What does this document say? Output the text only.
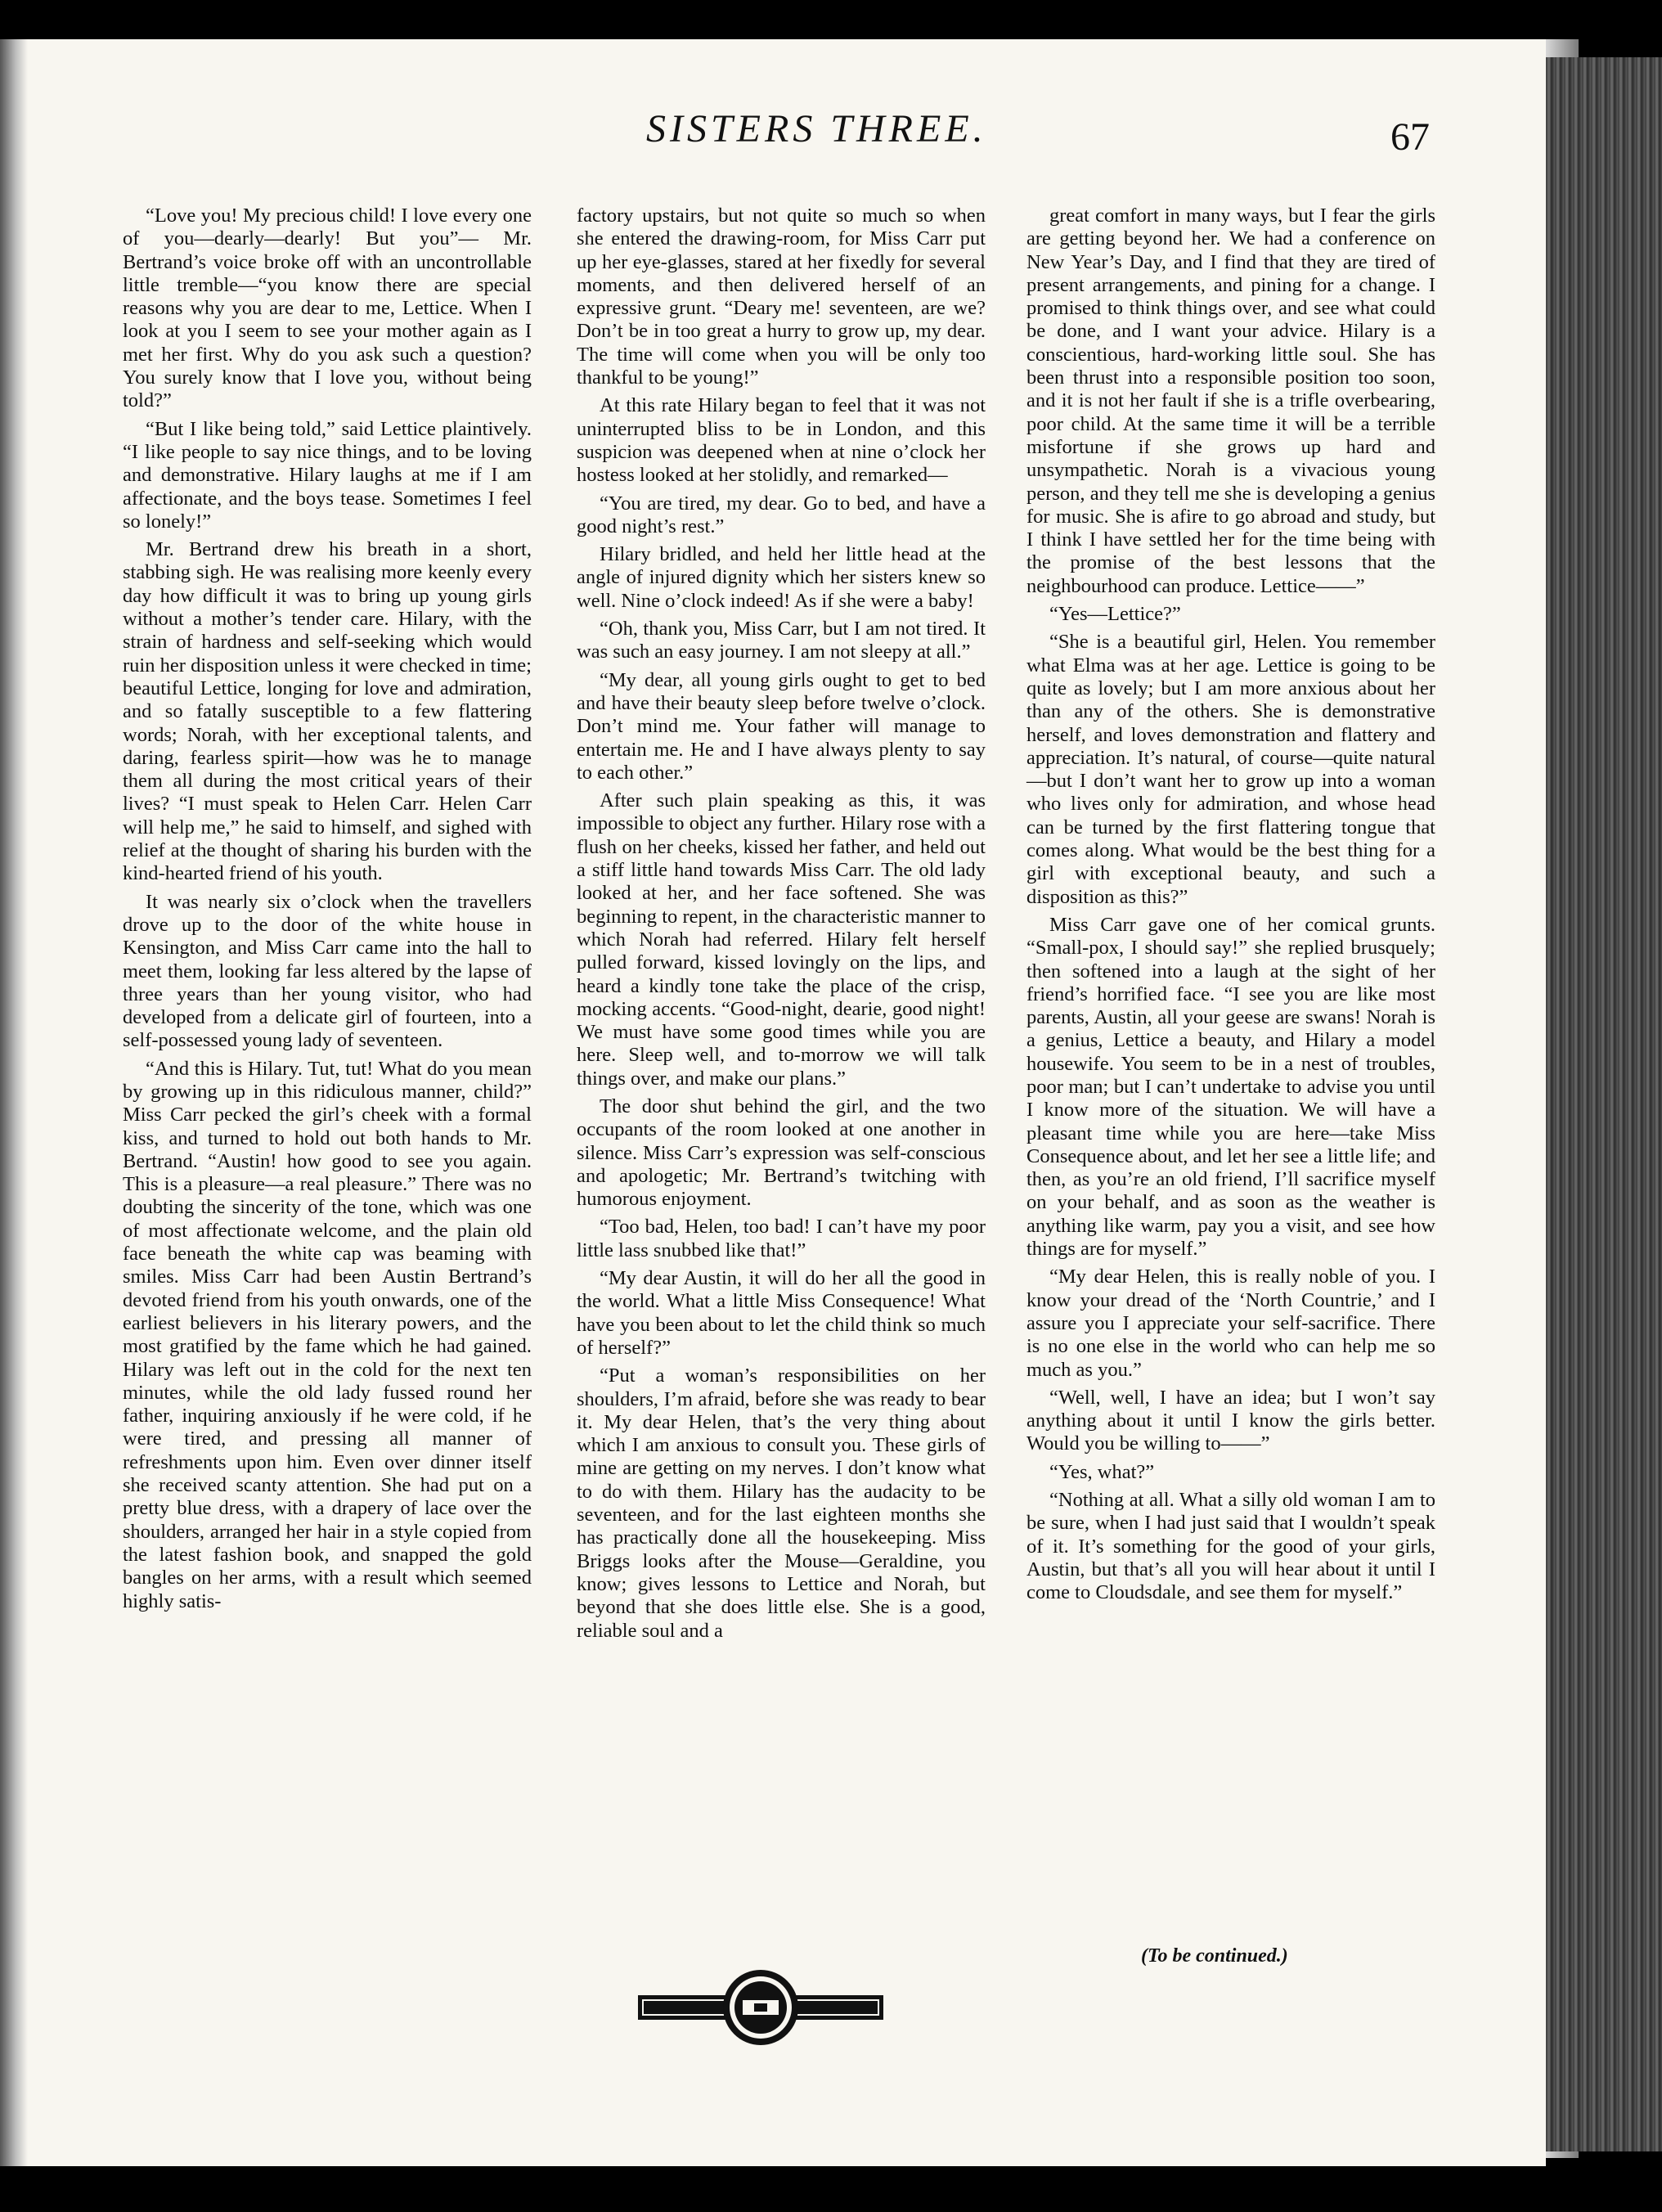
SISTERS THREE.	67

“Love you! My precious child! I love every one of you—dearly—dearly! But you”— Mr. Bertrand’s voice broke off with an uncontrollable little tremble—“you know there are special reasons why you are dear to me, Lettice. When I look at you I seem to see your mother again as I met her first. Why do you ask such a question? You surely know that I love you, without being told?”

“But I like being told,” said Lettice plaintively. “I like people to say nice things, and to be loving and demonstrative. Hilary laughs at me if I am affectionate, and the boys tease. Sometimes I feel so lonely!”

Mr. Bertrand drew his breath in a short, stabbing sigh. He was realising more keenly every day how difficult it was to bring up young girls without a mother’s tender care. Hilary, with the strain of hardness and self-seeking which would ruin her disposition unless it were checked in time; beautiful Lettice, longing for love and admiration, and so fatally susceptible to a few flattering words; Norah, with her exceptional talents, and daring, fearless spirit—how was he to manage them all during the most critical years of their lives? “I must speak to Helen Carr. Helen Carr will help me,” he said to himself, and sighed with relief at the thought of sharing his burden with the kind-hearted friend of his youth.

It was nearly six o’clock when the travellers drove up to the door of the white house in Kensington, and Miss Carr came into the hall to meet them, looking far less altered by the lapse of three years than her young visitor, who had developed from a delicate girl of fourteen, into a self-possessed young lady of seventeen.

“And this is Hilary. Tut, tut! What do you mean by growing up in this ridiculous manner, child?” Miss Carr pecked the girl’s cheek with a formal kiss, and turned to hold out both hands to Mr. Bertrand. “Austin! how good to see you again. This is a pleasure—a real pleasure.” There was no doubting the sincerity of the tone, which was one of most affectionate welcome, and the plain old face beneath the white cap was beaming with smiles. Miss Carr had been Austin Bertrand’s devoted friend from his youth onwards, one of the earliest believers in his literary powers, and the most gratified by the fame which he had gained. Hilary was left out in the cold for the next ten minutes, while the old lady fussed round her father, inquiring anxiously if he were cold, if he were tired, and pressing all manner of refreshments upon him. Even over dinner itself she received scanty attention. She had put on a pretty blue dress, with a drapery of lace over the shoulders, arranged her hair in a style copied from the latest fashion book, and snapped the gold bangles on her arms, with a result which seemed highly satis-

factory upstairs, but not quite so much so when she entered the drawing-room, for Miss Carr put up her eye-glasses, stared at her fixedly for several moments, and then delivered herself of an expressive grunt. “Deary me! seventeen, are we? Don’t be in too great a hurry to grow up, my dear. The time will come when you will be only too thankful to be young!”

At this rate Hilary began to feel that it was not uninterrupted bliss to be in London, and this suspicion was deepened when at nine o’clock her hostess looked at her stolidly, and remarked—

“You are tired, my dear. Go to bed, and have a good night’s rest.”

Hilary bridled, and held her little head at the angle of injured dignity which her sisters knew so well. Nine o’clock indeed! As if she were a baby!

“Oh, thank you, Miss Carr, but I am not tired. It was such an easy journey. I am not sleepy at all.”

“My dear, all young girls ought to get to bed and have their beauty sleep before twelve o’clock. Don’t mind me. Your father will manage to entertain me. He and I have always plenty to say to each other.”

After such plain speaking as this, it was impossible to object any further. Hilary rose with a flush on her cheeks, kissed her father, and held out a stiff little hand towards Miss Carr. The old lady looked at her, and her face softened. She was beginning to repent, in the characteristic manner to which Norah had referred. Hilary felt herself pulled forward, kissed lovingly on the lips, and heard a kindly tone take the place of the crisp, mocking accents. “Good-night, dearie, good night! We must have some good times while you are here. Sleep well, and to-morrow we will talk things over, and make our plans.”

The door shut behind the girl, and the two occupants of the room looked at one another in silence. Miss Carr’s expression was self-conscious and apologetic; Mr. Bertrand’s twitching with humorous enjoyment.

“Too bad, Helen, too bad! I can’t have my poor little lass snubbed like that!”

“My dear Austin, it will do her all the good in the world. What a little Miss Consequence! What have you been about to let the child think so much of herself?”

“Put a woman’s responsibilities on her shoulders, I’m afraid, before she was ready to bear it. My dear Helen, that’s the very thing about which I am anxious to consult you. These girls of mine are getting on my nerves. I don’t know what to do with them. Hilary has the audacity to be seventeen, and for the last eighteen months she has practically done all the housekeeping. Miss Briggs looks after the Mouse—Geraldine, you know; gives lessons to Lettice and Norah, but beyond that she does little else. She is a good, reliable soul and a

great comfort in many ways, but I fear the girls are getting beyond her. We had a conference on New Year’s Day, and I find that they are tired of present arrangements, and pining for a change. I promised to think things over, and see what could be done, and I want your advice. Hilary is a conscientious, hard-working little soul. She has been thrust into a responsible position too soon, and it is not her fault if she is a trifle overbearing, poor child. At the same time it will be a terrible misfortune if she grows up hard and unsympathetic. Norah is a vivacious young person, and they tell me she is developing a genius for music. She is afire to go abroad and study, but I think I have settled her for the time being with the promise of the best lessons that the neighbourhood can produce. Lettice——”

“Yes—Lettice?”

“She is a beautiful girl, Helen. You remember what Elma was at her age. Lettice is going to be quite as lovely; but I am more anxious about her than any of the others. She is demonstrative herself, and loves demonstration and flattery and appreciation. It’s natural, of course—quite natural—but I don’t want her to grow up into a woman who lives only for admiration, and whose head can be turned by the first flattering tongue that comes along. What would be the best thing for a girl with exceptional beauty, and such a disposition as this?”

Miss Carr gave one of her comical grunts. “Small-pox, I should say!” she replied brusquely; then softened into a laugh at the sight of her friend’s horrified face. “I see you are like most parents, Austin, all your geese are swans! Norah is a genius, Lettice a beauty, and Hilary a model housewife. You seem to be in a nest of troubles, poor man; but I can’t undertake to advise you until I know more of the situation. We will have a pleasant time while you are here—take Miss Consequence about, and let her see a little life; and then, as you’re an old friend, I’ll sacrifice myself on your behalf, and as soon as the weather is anything like warm, pay you a visit, and see how things are for myself.”

“My dear Helen, this is really noble of you. I know your dread of the ‘North Countrie,’ and I assure you I appreciate your self-sacrifice. There is no one else in the world who can help me so much as you.”

“Well, well, I have an idea; but I won’t say anything about it until I know the girls better. Would you be willing to——”

“Yes, what?”

“Nothing at all. What a silly old woman I am to be sure, when I had just said that I wouldn’t speak of it. It’s something for the good of your girls, Austin, but that’s all you will hear about it until I come to Cloudsdale, and see them for myself.”

(To be continued.)
